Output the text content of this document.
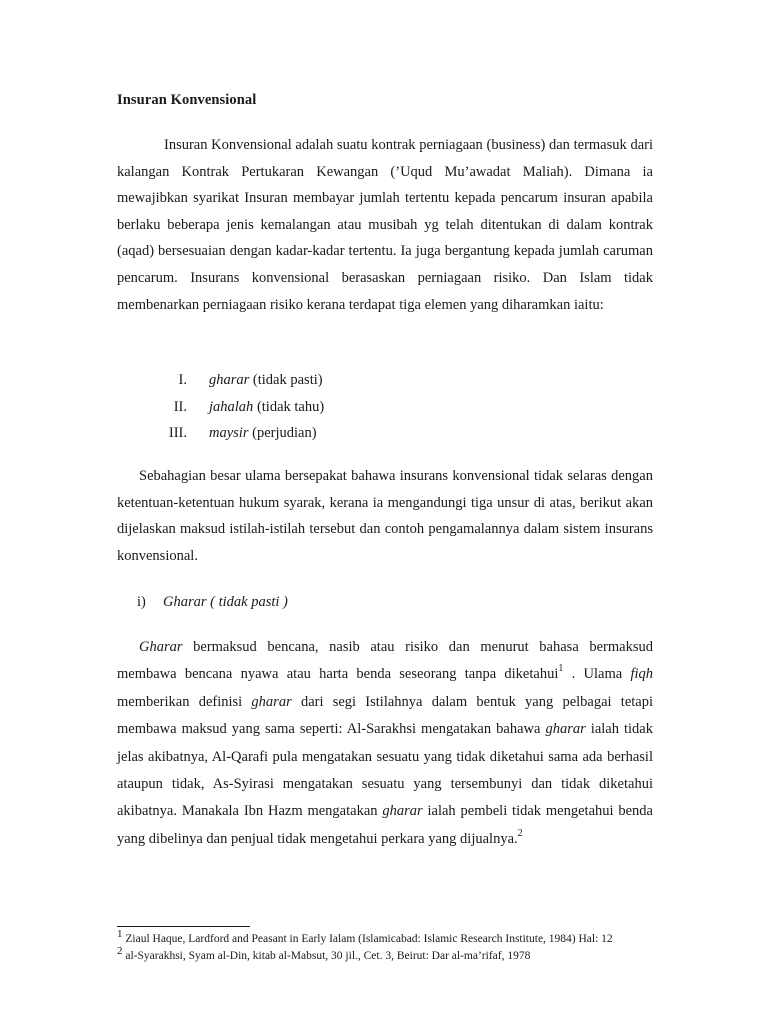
Insuran Konvensional
Insuran Konvensional adalah suatu kontrak perniagaan (business) dan termasuk dari kalangan Kontrak Pertukaran Kewangan (’Uqud Mu’awadat Maliah). Dimana ia mewajibkan syarikat Insuran membayar jumlah tertentu kepada pencarum insuran apabila berlaku beberapa jenis kemalangan atau musibah yg telah ditentukan di dalam kontrak (aqad) bersesuaian dengan kadar-kadar tertentu. Ia juga bergantung kepada jumlah caruman pencarum. Insurans konvensional berasaskan perniagaan risiko. Dan Islam tidak membenarkan perniagaan risiko kerana terdapat tiga elemen yang diharamkan iaitu:
I. gharar (tidak pasti)
II. jahalah (tidak tahu)
III. maysir (perjudian)
Sebahagian besar ulama bersepakat bahawa insurans konvensional tidak selaras dengan ketentuan-ketentuan hukum syarak, kerana ia mengandungi tiga unsur di atas, berikut akan dijelaskan maksud istilah-istilah tersebut dan contoh pengamalannya dalam sistem insurans konvensional.
i) Gharar ( tidak pasti )
Gharar bermaksud bencana, nasib atau risiko dan menurut bahasa bermaksud membawa bencana nyawa atau harta benda seseorang tanpa diketahui$^1$ . Ulama fiqh memberikan definisi gharar dari segi Istilahnya dalam bentuk yang pelbagai tetapi membawa maksud yang sama seperti: Al-Sarakhsi mengatakan bahawa gharar ialah tidak jelas akibatnya, Al-Qarafi pula mengatakan sesuatu yang tidak diketahui sama ada berhasil ataupun tidak, As-Syirasi mengatakan sesuatu yang tersembunyi dan tidak diketahui akibatnya. Manakala Ibn Hazm mengatakan gharar ialah pembeli tidak mengetahui benda yang dibelinya dan penjual tidak mengetahui perkara yang dijualnya.$^2$
$^1$ Ziaul Haque, Lardford and Peasant in Early Ialam (Islamicabad: Islamic Research Institute, 1984) Hal: 12
$^2$ al-Syarakhsi, Syam al-Din, kitab al-Mabsut, 30 jil., Cet. 3, Beirut: Dar al-ma’rifaf, 1978
